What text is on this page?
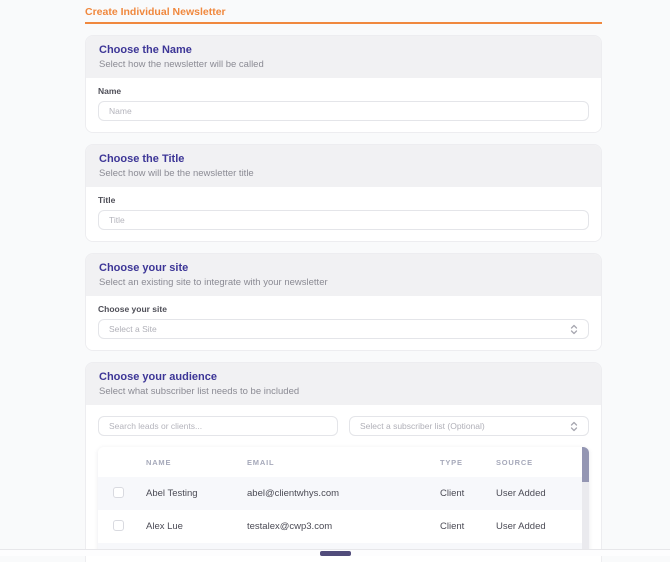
Create Individual Newsletter
Choose the Name
Select how the newsletter will be called
Name
Name
Choose the Title
Select how will be the newsletter title
Title
Title
Choose your site
Select an existing site to integrate with your newsletter
Choose your site
Select a Site
Choose your audience
Select what subscriber list needs to be included
Search leads or clients...
Select a subscriber list (Optional)
NAME	EMAIL	TYPE	SOURCE
Abel Testing	abel@clientwhys.com	Client	User Added
Alex Lue	testalex@cwp3.com	Client	User Added
